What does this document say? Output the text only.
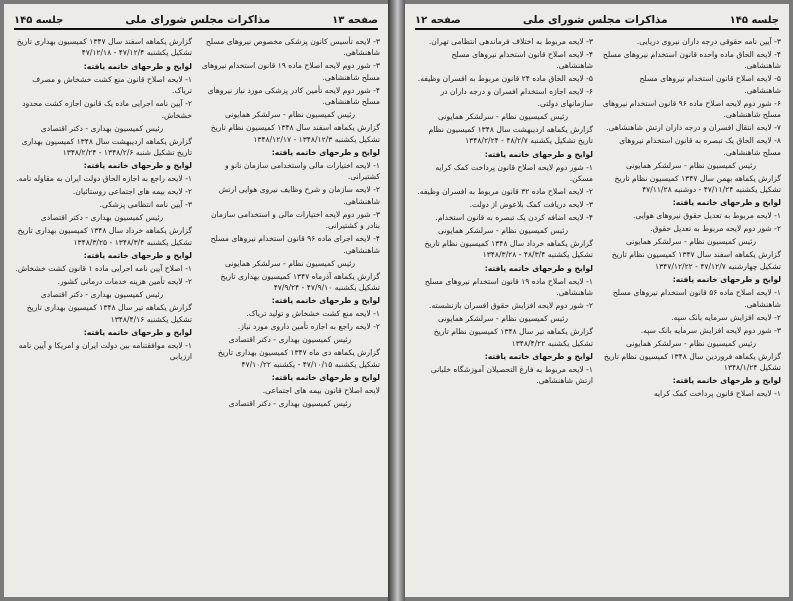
صفحه ۱۳
مذاکرات مجلس شورای ملی
جلسه ۱۴۵

۳- لایحه تأسیس کانون پزشکی مخصوص نیروهای مسلح شاهنشاهی.

۳- شور دوم لایحه اصلاح ماده ۱۹ قانون استخدام نیروهای مسلح شاهنشاهی.

۴- شور دوم لایحه تأمین کادر پزشکی مورد نیاز نیروهای مسلح شاهنشاهی.

رئیس کمیسیون نظام - سرلشکر همایونی

گزارش یکماهه اسفند سال ۱۳۴۸ کمیسیون نظام تاریخ تشکیل یکشنبه ۱۳۴۸/۱۲/۳ - ۱۳۴۸/۱۲/۱۷

لوایح و طرحهای خاتمه یافته:

۱- لایحه اختیارات مالی واستخدامی سازمان نانو و کشتیرانی.

۲- لایحه سازمان و شرح وظایف نیروی هوایی ارتش شاهنشاهی.

۳- شور دوم لایحه اختیارات مالی و استخدامی سازمان بنادر و کشتیرانی.

۴- لایحه اجرای ماده ۹۶ قانون استخدام نیروهای مسلح شاهنشاهی.

رئیس کمیسیون نظام - سرلشکر همایونی

گزارش یکماهه آذرماه ۱۳۴۷ کمیسیون بهداری تاریخ تشکیل یکشنبه ۴۷/۹/۱۰ - ۴۷/۹/۲۴

لوایح و طرحهای خاتمه یافته:

۱- لایحه منع کشت خشخاش و تولید تریاک.

۲- لایحه راجع به اجازه تأمین داروی مورد نیاز.

رئیس کمیسیون بهداری - دکتر اقتصادی

گزارش یکماهه دی ماه ۱۳۴۷ کمیسیون بهداری تاریخ تشکیل یکشنبه ۴۷/۱۰/۱۵ - یکشنبه ۴۷/۱۰/۲۲

لوایح و طرحهای خاتمه یافته:

لایحه اصلاح قانون بیمه های اجتماعی.

رئیس کمیسیون بهداری - دکتر اقتصادی

گزارش یکماهه اسفند سال ۱۳۴۷ کمیسیون بهداری تاریخ تشکیل یکشنبه ۴۷/۱۲/۴ - ۴۷/۱۲/۱۸

لوایح و طرحهای خاتمه یافته:

۱- لایحه اصلاح قانون منع کشت خشخاش و مصرف تریاک.

۲- آیین نامه اجرایی ماده یک قانون اجازه کشت محدود خشخاش.

رئیس کمیسیون بهداری - دکتر اقتصادی

گزارش یکماهه اردیبهشت سال ۱۳۴۸ کمیسیون بهداری تاریخ تشکیل شنبه ۱۳۴۸/۲/۶ - ۱۳۴۸/۲/۲۴

لوایح و طرحهای خاتمه یافته:

۱- لایحه راجع به اجازه الحاق دولت ایران به مقاوله نامه.

۲- لایحه بیمه های اجتماعی روستائیان.

۳- آیین نامه انتظامی پزشکی.

رئیس کمیسیون بهداری - دکتر اقتصادی

گزارش یکماهه خرداد سال ۱۳۴۸ کمیسیون بهداری تاریخ تشکیل یکشنبه ۱۳۴۸/۳/۴ - ۱۳۴۸/۳/۲۵

لوایح و طرحهای خاتمه یافته:

۱- اصلاح آیین نامه اجرایی ماده ۱ قانون کشت خشخاش.

۲- لایحه تأمین هزینه خدمات درمانی کشور.

رئیس کمیسیون بهداری - دکتر اقتصادی

گزارش یکماهه تیر سال ۱۳۴۸ کمیسیون بهداری تاریخ تشکیل یکشنبه ۱۳۴۸/۴/۱۶

لوایح و طرحهای خاتمه یافته:

۱- لایحه موافقتنامه بین دولت ایران و امریکا و آیین نامه ارزیابی

جلسه ۱۴۵
مذاکرات مجلس شورای ملی
صفحه ۱۲

۳- آیین نامه حقوقی درجه داران نیروی دریایی.

۴- لایحه الحاق ماده واحده قانون استخدام نیروهای مسلح شاهنشاهی.

۵- لایحه اصلاح قانون استخدام نیروهای مسلح شاهنشاهی.

۶- شور دوم لایحه اصلاح ماده ۹۶ قانون استخدام نیروهای مسلح شاهنشاهی.

۷- لایحه انتقال افسران و درجه داران ارتش شاهنشاهی.

۸- لایحه الحاق یک تبصره به قانون استخدام نیروهای مسلح شاهنشاهی.

رئیس کمیسیون نظام - سرلشکر همایونی

گزارش یکماهه بهمن سال ۱۳۴۷ کمیسیون نظام تاریخ تشکیل یکشنبه ۴۷/۱۱/۲۴ - دوشنبه ۴۷/۱۱/۲۸

لوایح و طرحهای خاتمه یافته:

۱- لایحه مربوط به تعدیل حقوق نیروهای هوایی.

۲- شور دوم لایحه مربوط به تعدیل حقوق.

رئیس کمیسیون نظام - سرلشکر همایونی

گزارش یکماهه اسفند سال ۱۳۴۷ کمیسیون نظام تاریخ تشکیل چهارشنبه ۴۷/۱۲/۷ - ۱۳۴۷/۱۲/۲۲

لوایح و طرحهای خاتمه یافته:

۱- لایحه اصلاح ماده ۵۶ قانون استخدام نیروهای مسلح شاهنشاهی.

۲- لایحه افزایش سرمایه بانک سپه.

۳- شور دوم لایحه افزایش سرمایه بانک سپه.

رئیس کمیسیون نظام - سرلشکر همایونی

گزارش یکماهه فروردین سال ۱۳۴۸ کمیسیون نظام تاریخ تشکیل ۱۳۴۸/۱/۲۴

لوایح و طرحهای خاتمه یافته:

۱- لایحه اصلاح قانون پرداخت کمک کرایه

۳- لایحه مربوط به اختلاف فرماندهی انتظامی تهران.

۴- لایحه اصلاح قانون استخدام نیروهای مسلح شاهنشاهی.

۵- لایحه الحاق ماده ۲۴ قانون مربوط به افسران وظیفه.

۶- لایحه اجازه استخدام افسران و درجه داران در سازمانهای دولتی.

رئیس کمیسیون نظام - سرلشکر همایونی

گزارش یکماهه اردیبهشت سال ۱۳۴۸ کمیسیون نظام تاریخ تشکیل یکشنبه ۴۸/۲/۷ - ۱۳۴۸/۲/۲۴

لوایح و طرحهای خاتمه یافته:

۱- شور دوم لایحه اصلاح قانون پرداخت کمک کرایه مسکن.

۲- لایحه اصلاح ماده ۳۲ قانون مربوط به افسران وظیفه.

۳- لایحه دریافت کمک بلاعوض از دولت.

۴- لایحه اضافه کردن یک تبصره به قانون استخدام.

رئیس کمیسیون نظام - سرلشکر همایونی

گزارش یکماهه خرداد سال ۱۳۴۸ کمیسیون نظام تاریخ تشکیل یکشنبه ۴۸/۳/۴ - ۱۳۴۸/۳/۲۸

لوایح و طرحهای خاتمه یافته:

۱- لایحه اصلاح ماده ۱۹ قانون استخدام نیروهای مسلح شاهنشاهی.

۲- شور دوم لایحه افزایش حقوق افسران بازنشسته.

رئیس کمیسیون نظام - سرلشکر همایونی

گزارش یکماهه تیر سال ۱۳۴۸ کمیسیون نظام تاریخ تشکیل یکشنبه ۱۳۴۸/۴/۲۲

لوایح و طرحهای خاتمه یافته:

۱- لایحه مربوط به فارغ التحصیلان آموزشگاه خلبانی ارتش شاهنشاهی.
